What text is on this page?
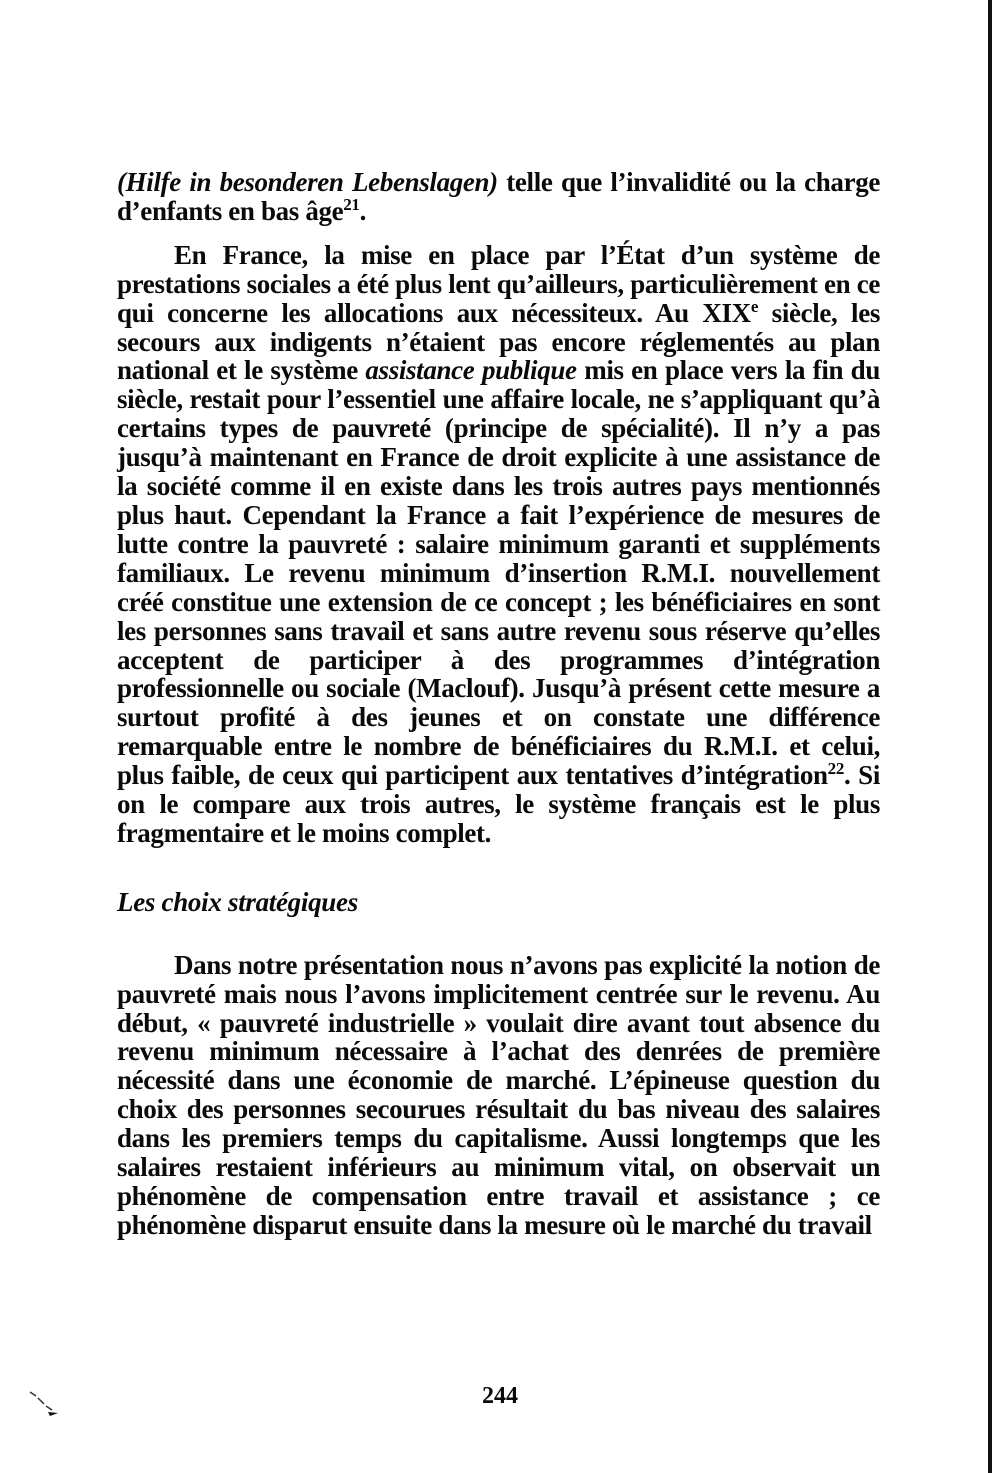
(Hilfe in besonderen Lebenslagen) telle que l’invalidité ou la charge d’enfants en bas âge$^{21}$.

En France, la mise en place par l’État d’un système de prestations sociales a été plus lent qu’ailleurs, particulièrement en ce qui concerne les allocations aux nécessiteux. Au XIXe siècle, les secours aux indigents n’étaient pas encore réglementés au plan national et le système assistance publique mis en place vers la fin du siècle, restait pour l’essentiel une affaire locale, ne s’appliquant qu’à certains types de pauvreté (principe de spécialité). Il n’y a pas jusqu’à maintenant en France de droit explicite à une assistance de la société comme il en existe dans les trois autres pays mentionnés plus haut. Cependant la France a fait l’expérience de mesures de lutte contre la pauvreté : salaire minimum garanti et suppléments familiaux. Le revenu minimum d’insertion R.M.I. nouvellement créé constitue une extension de ce concept ; les bénéficiaires en sont les personnes sans travail et sans autre revenu sous réserve qu’elles acceptent de participer à des programmes d’intégration professionnelle ou sociale (Maclouf). Jusqu’à présent cette mesure a surtout profité à des jeunes et on constate une différence remarquable entre le nombre de bénéficiaires du R.M.I. et celui, plus faible, de ceux qui participent aux tentatives d’intégration$^{22}$. Si on le compare aux trois autres, le système français est le plus fragmentaire et le moins complet.

Les choix stratégiques

Dans notre présentation nous n’avons pas explicité la notion de pauvreté mais nous l’avons implicitement centrée sur le revenu. Au début, « pauvreté industrielle » voulait dire avant tout absence du revenu minimum nécessaire à l’achat des denrées de première nécessité dans une économie de marché. L’épineuse question du choix des personnes secourues résultait du bas niveau des salaires dans les premiers temps du capitalisme. Aussi longtemps que les salaires restaient inférieurs au minimum vital, on observait un phénomène de compensation entre travail et assistance ; ce phénomène disparut ensuite dans la mesure où le marché du travail

244
